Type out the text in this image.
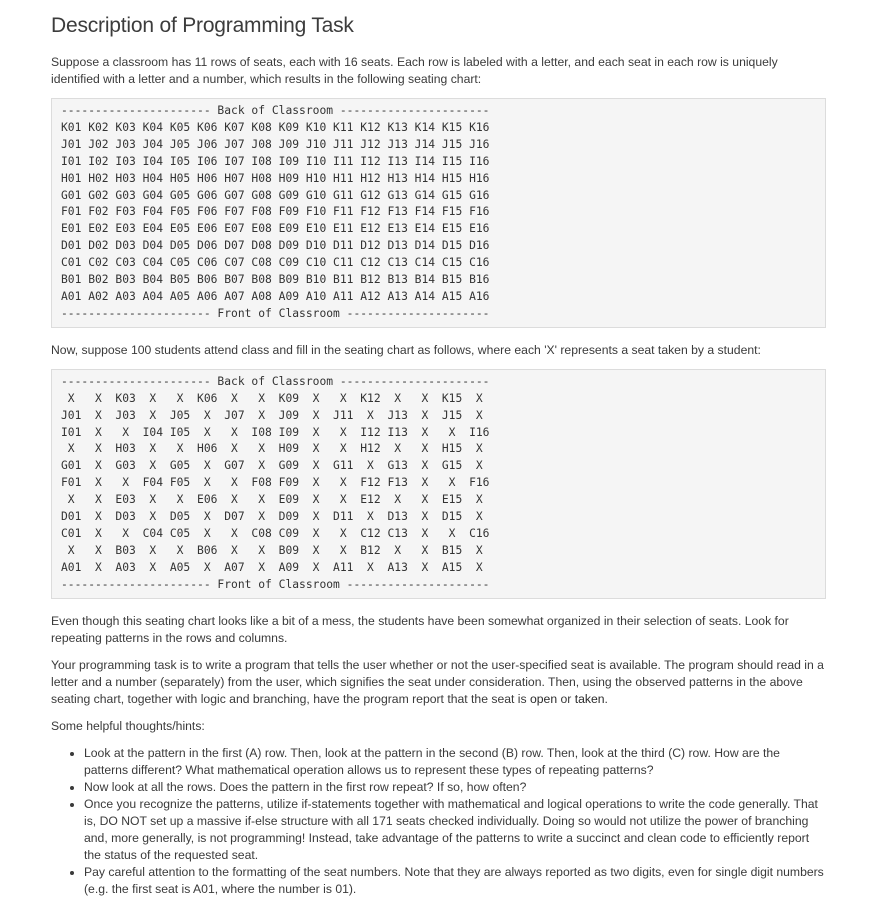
Description of Programming Task

Suppose a classroom has 11 rows of seats, each with 16 seats. Each row is labeled with a letter, and each seat in each row is uniquely identified with a letter and a number, which results in the following seating chart:

---------------------- Back of Classroom ----------------------
K01 K02 K03 K04 K05 K06 K07 K08 K09 K10 K11 K12 K13 K14 K15 K16
J01 J02 J03 J04 J05 J06 J07 J08 J09 J10 J11 J12 J13 J14 J15 J16
I01 I02 I03 I04 I05 I06 I07 I08 I09 I10 I11 I12 I13 I14 I15 I16
H01 H02 H03 H04 H05 H06 H07 H08 H09 H10 H11 H12 H13 H14 H15 H16
G01 G02 G03 G04 G05 G06 G07 G08 G09 G10 G11 G12 G13 G14 G15 G16
F01 F02 F03 F04 F05 F06 F07 F08 F09 F10 F11 F12 F13 F14 F15 F16
E01 E02 E03 E04 E05 E06 E07 E08 E09 E10 E11 E12 E13 E14 E15 E16
D01 D02 D03 D04 D05 D06 D07 D08 D09 D10 D11 D12 D13 D14 D15 D16
C01 C02 C03 C04 C05 C06 C07 C08 C09 C10 C11 C12 C13 C14 C15 C16
B01 B02 B03 B04 B05 B06 B07 B08 B09 B10 B11 B12 B13 B14 B15 B16
A01 A02 A03 A04 A05 A06 A07 A08 A09 A10 A11 A12 A13 A14 A15 A16
---------------------- Front of Classroom ---------------------

Now, suppose 100 students attend class and fill in the seating chart as follows, where each 'X' represents a seat taken by a student:

---------------------- Back of Classroom ----------------------
X   X  K03  X   X  K06  X   X  K09  X   X  K12  X   X  K15  X
J01  X  J03  X  J05  X  J07  X  J09  X  J11  X  J13  X  J15  X
I01  X   X  I04 I05  X   X  I08 I09  X   X  I12 I13  X   X  I16
X   X  H03  X   X  H06  X   X  H09  X   X  H12  X   X  H15  X
G01  X  G03  X  G05  X  G07  X  G09  X  G11  X  G13  X  G15  X
F01  X   X  F04 F05  X   X  F08 F09  X   X  F12 F13  X   X  F16
X   X  E03  X   X  E06  X   X  E09  X   X  E12  X   X  E15  X
D01  X  D03  X  D05  X  D07  X  D09  X  D11  X  D13  X  D15  X
C01  X   X  C04 C05  X   X  C08 C09  X   X  C12 C13  X   X  C16
X   X  B03  X   X  B06  X   X  B09  X   X  B12  X   X  B15  X
A01  X  A03  X  A05  X  A07  X  A09  X  A11  X  A13  X  A15  X
---------------------- Front of Classroom ---------------------

Even though this seating chart looks like a bit of a mess, the students have been somewhat organized in their selection of seats. Look for repeating patterns in the rows and columns.

Your programming task is to write a program that tells the user whether or not the user-specified seat is available. The program should read in a letter and a number (separately) from the user, which signifies the seat under consideration. Then, using the observed patterns in the above seating chart, together with logic and branching, have the program report that the seat is open or taken.

Some helpful thoughts/hints:

• Look at the pattern in the first (A) row. Then, look at the pattern in the second (B) row. Then, look at the third (C) row. How are the patterns different? What mathematical operation allows us to represent these types of repeating patterns?
• Now look at all the rows. Does the pattern in the first row repeat? If so, how often?
• Once you recognize the patterns, utilize if-statements together with mathematical and logical operations to write the code generally. That is, DO NOT set up a massive if-else structure with all 171 seats checked individually. Doing so would not utilize the power of branching and, more generally, is not programming! Instead, take advantage of the patterns to write a succinct and clean code to efficiently report the status of the requested seat.
• Pay careful attention to the formatting of the seat numbers. Note that they are always reported as two digits, even for single digit numbers (e.g. the first seat is A01, where the number is 01).
